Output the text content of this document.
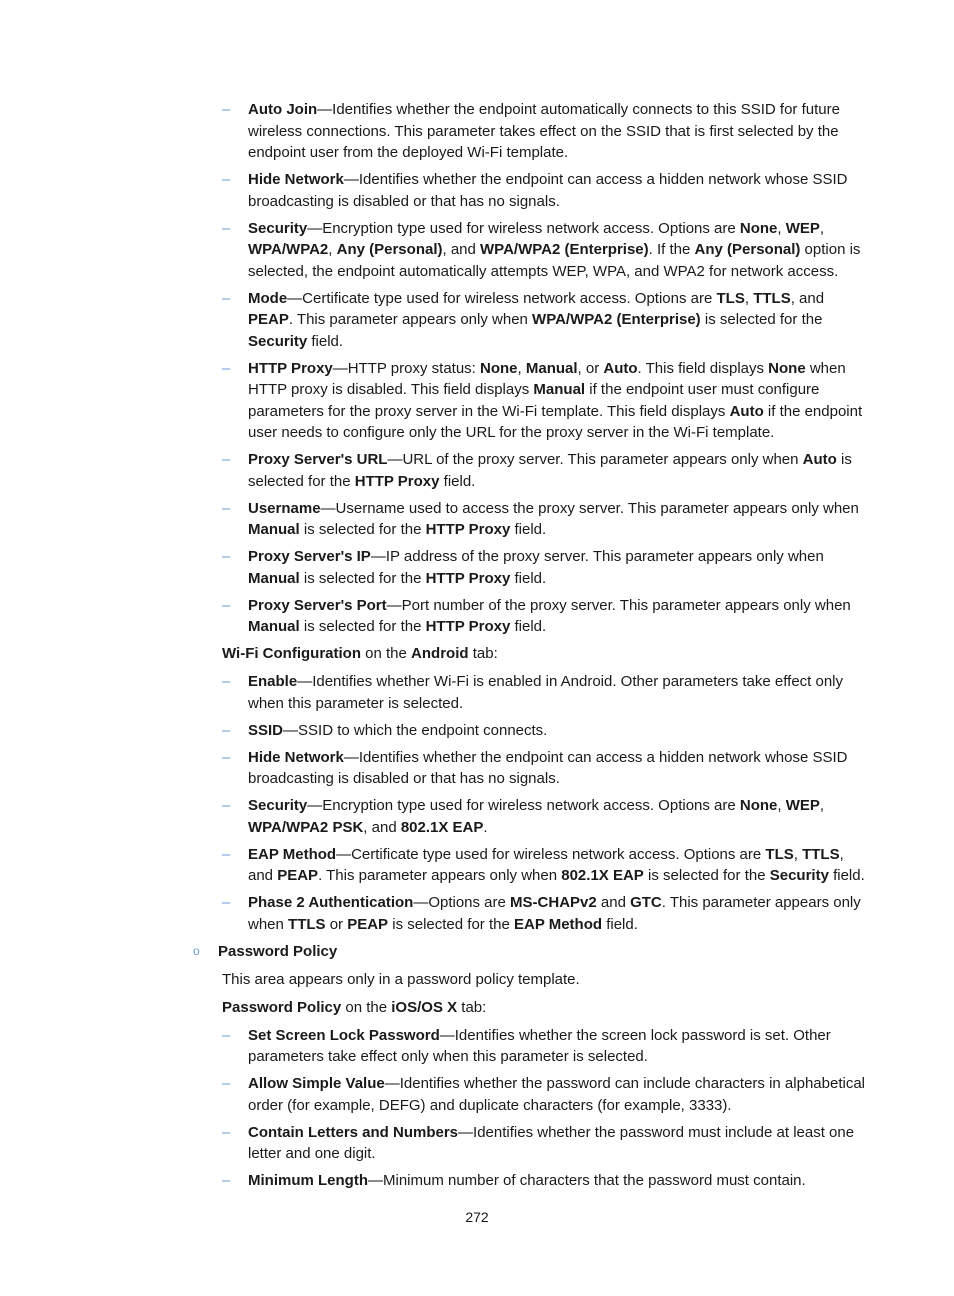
– Auto Join—Identifies whether the endpoint automatically connects to this SSID for future wireless connections. This parameter takes effect on the SSID that is first selected by the endpoint user from the deployed Wi-Fi template.
– Hide Network—Identifies whether the endpoint can access a hidden network whose SSID broadcasting is disabled or that has no signals.
– Security—Encryption type used for wireless network access. Options are None, WEP, WPA/WPA2, Any (Personal), and WPA/WPA2 (Enterprise). If the Any (Personal) option is selected, the endpoint automatically attempts WEP, WPA, and WPA2 for network access.
– Mode—Certificate type used for wireless network access. Options are TLS, TTLS, and PEAP. This parameter appears only when WPA/WPA2 (Enterprise) is selected for the Security field.
– HTTP Proxy—HTTP proxy status: None, Manual, or Auto. This field displays None when HTTP proxy is disabled. This field displays Manual if the endpoint user must configure parameters for the proxy server in the Wi-Fi template. This field displays Auto if the endpoint user needs to configure only the URL for the proxy server in the Wi-Fi template.
– Proxy Server's URL—URL of the proxy server. This parameter appears only when Auto is selected for the HTTP Proxy field.
– Username—Username used to access the proxy server. This parameter appears only when Manual is selected for the HTTP Proxy field.
– Proxy Server's IP—IP address of the proxy server. This parameter appears only when Manual is selected for the HTTP Proxy field.
– Proxy Server's Port—Port number of the proxy server. This parameter appears only when Manual is selected for the HTTP Proxy field.
Wi-Fi Configuration on the Android tab:
– Enable—Identifies whether Wi-Fi is enabled in Android. Other parameters take effect only when this parameter is selected.
– SSID—SSID to which the endpoint connects.
– Hide Network—Identifies whether the endpoint can access a hidden network whose SSID broadcasting is disabled or that has no signals.
– Security—Encryption type used for wireless network access. Options are None, WEP, WPA/WPA2 PSK, and 802.1X EAP.
– EAP Method—Certificate type used for wireless network access. Options are TLS, TTLS, and PEAP. This parameter appears only when 802.1X EAP is selected for the Security field.
– Phase 2 Authentication—Options are MS-CHAPv2 and GTC. This parameter appears only when TTLS or PEAP is selected for the EAP Method field.
o Password Policy
This area appears only in a password policy template.
Password Policy on the iOS/OS X tab:
– Set Screen Lock Password—Identifies whether the screen lock password is set. Other parameters take effect only when this parameter is selected.
– Allow Simple Value—Identifies whether the password can include characters in alphabetical order (for example, DEFG) and duplicate characters (for example, 3333).
– Contain Letters and Numbers—Identifies whether the password must include at least one letter and one digit.
– Minimum Length—Minimum number of characters that the password must contain.
272
